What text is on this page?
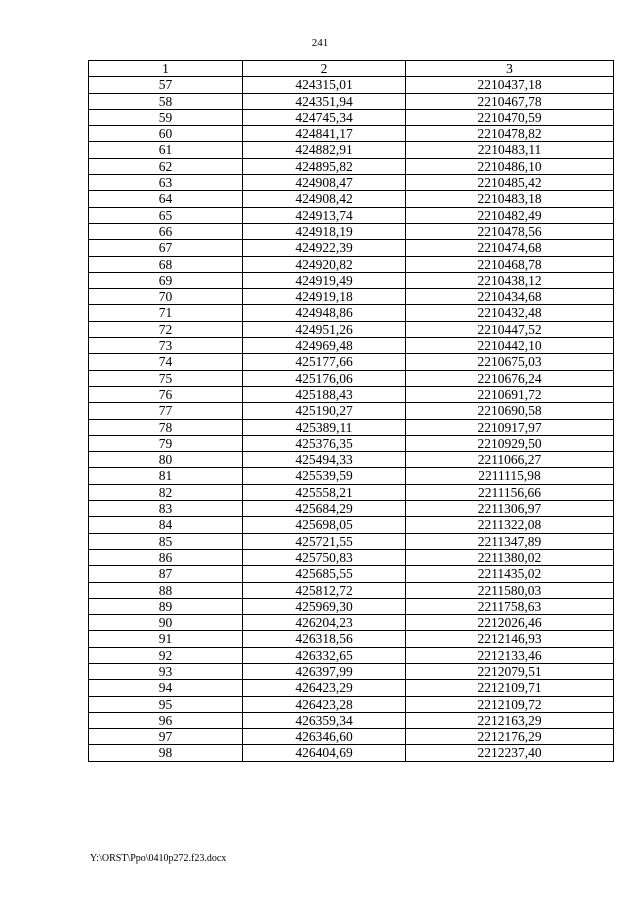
241
1	2	3
57	424315,01	2210437,18
58	424351,94	2210467,78
59	424745,34	2210470,59
60	424841,17	2210478,82
61	424882,91	2210483,11
62	424895,82	2210486,10
63	424908,47	2210485,42
64	424908,42	2210483,18
65	424913,74	2210482,49
66	424918,19	2210478,56
67	424922,39	2210474,68
68	424920,82	2210468,78
69	424919,49	2210438,12
70	424919,18	2210434,68
71	424948,86	2210432,48
72	424951,26	2210447,52
73	424969,48	2210442,10
74	425177,66	2210675,03
75	425176,06	2210676,24
76	425188,43	2210691,72
77	425190,27	2210690,58
78	425389,11	2210917,97
79	425376,35	2210929,50
80	425494,33	2211066,27
81	425539,59	2211115,98
82	425558,21	2211156,66
83	425684,29	2211306,97
84	425698,05	2211322,08
85	425721,55	2211347,89
86	425750,83	2211380,02
87	425685,55	2211435,02
88	425812,72	2211580,03
89	425969,30	2211758,63
90	426204,23	2212026,46
91	426318,56	2212146,93
92	426332,65	2212133,46
93	426397,99	2212079,51
94	426423,29	2212109,71
95	426423,28	2212109,72
96	426359,34	2212163,29
97	426346,60	2212176,29
98	426404,69	2212237,40
Y:\ORST\Ppo\0410p272.f23.docx
